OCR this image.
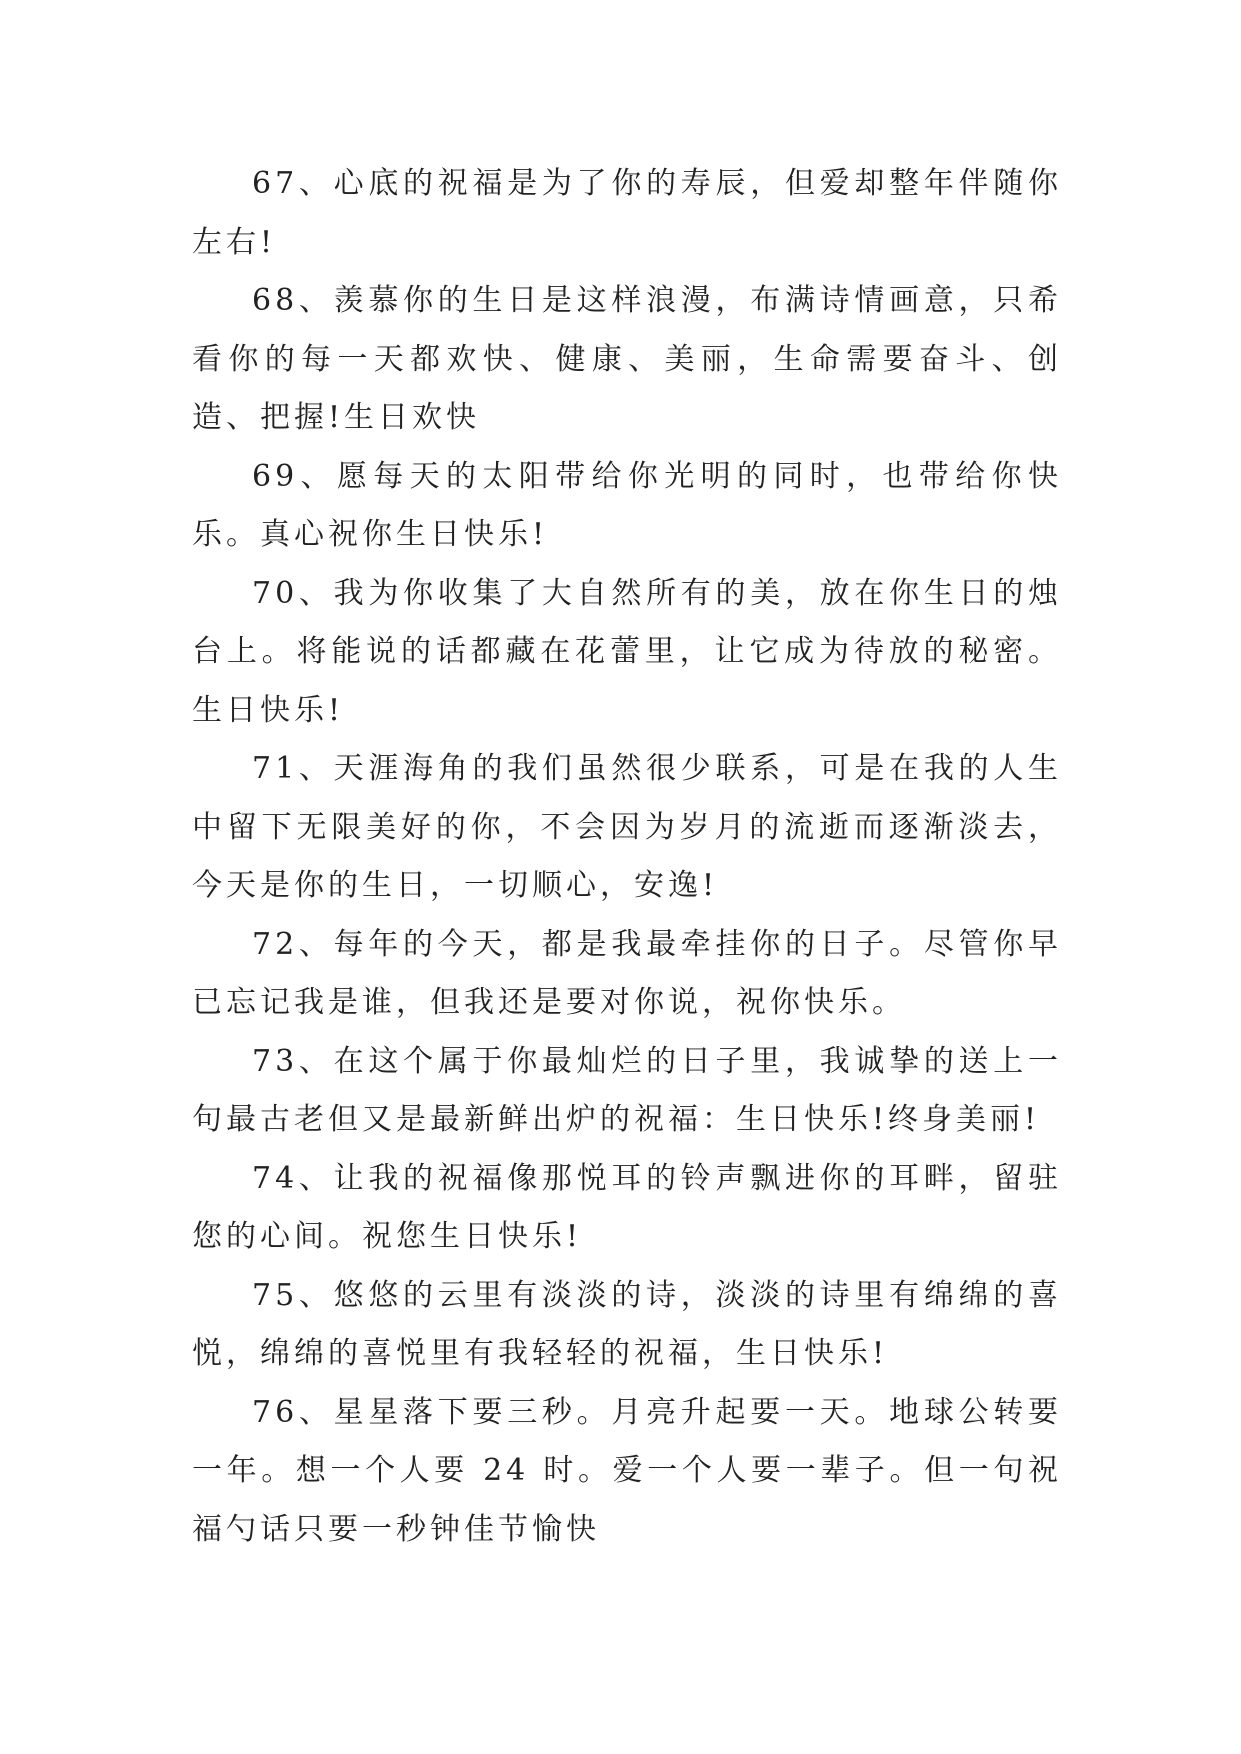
67、心底的祝福是为了你的寿辰，但爱却整年伴随你左右!

68、羡慕你的生日是这样浪漫，布满诗情画意，只希看你的每一天都欢快、健康、美丽，生命需要奋斗、创造、把握!生日欢快

69、愿每天的太阳带给你光明的同时，也带给你快乐。真心祝你生日快乐!

70、我为你收集了大自然所有的美，放在你生日的烛台上。将能说的话都藏在花蕾里，让它成为待放的秘密。生日快乐!

71、天涯海角的我们虽然很少联系，可是在我的人生中留下无限美好的你，不会因为岁月的流逝而逐渐淡去，今天是你的生日，一切顺心，安逸!

72、每年的今天，都是我最牵挂你的日子。尽管你早已忘记我是谁，但我还是要对你说，祝你快乐。

73、在这个属于你最灿烂的日子里，我诚挚的送上一句最古老但又是最新鲜出炉的祝福：生日快乐!终身美丽!

74、让我的祝福像那悦耳的铃声飘进你的耳畔，留驻您的心间。祝您生日快乐!

75、悠悠的云里有淡淡的诗，淡淡的诗里有绵绵的喜悦，绵绵的喜悦里有我轻轻的祝福，生日快乐!

76、星星落下要三秒。月亮升起要一天。地球公转要一年。想一个人要 24 时。爱一个人要一辈子。但一句祝福勺话只要一秒钟佳节愉快
